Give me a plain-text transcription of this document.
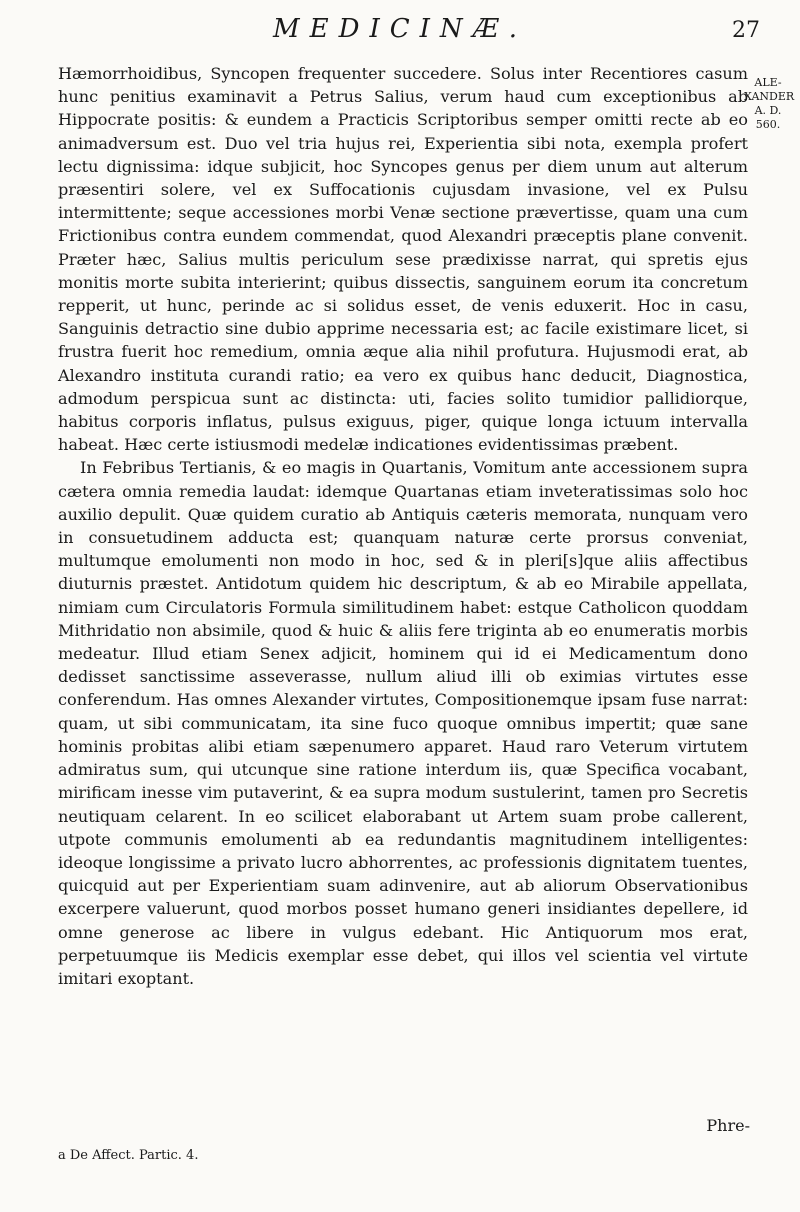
MEDICINÆ.	27
ALE-
XANDER
A. D.
560.

Hæmorrhoidibus, Syncopen frequenter succedere. Solus inter Recentiores casum hunc penitius examinavit a Petrus Salius, verum haud cum exceptionibus ab Hippocrate positis: & eundem a Practicis Scriptoribus semper omitti recte ab eo animadversum est. Duo vel tria hujus rei, Experientia sibi nota, exempla profert lectu dignissima: idque subjicit, hoc Syncopes genus per diem unum aut alterum præsentiri solere, vel ex Suffocationis cujusdam invasione, vel ex Pulsu intermittente; seque accessiones morbi Venæ sectione prævertisse, quam una cum Frictionibus contra eundem commendat, quod Alexandri præceptis plane convenit. Præter hæc, Salius multis periculum sese prædixisse narrat, qui spretis ejus monitis morte subita interierint; quibus dissectis, sanguinem eorum ita concretum repperit, ut hunc, perinde ac si solidus esset, de venis eduxerit. Hoc in casu, Sanguinis detractio sine dubio apprime necessaria est; ac facile existimare licet, si frustra fuerit hoc remedium, omnia æque alia nihil profutura. Hujusmodi erat, ab Alexandro instituta curandi ratio; ea vero ex quibus hanc deducit, Diagnostica, admodum perspicua sunt ac distincta: uti, facies solito tumidior pallidiorque, habitus corporis inflatus, pulsus exiguus, piger, quique longa ictuum intervalla habeat. Hæc certe istiusmodi medelæ indicationes evidentissimas præbent.

In Febribus Tertianis, & eo magis in Quartanis, Vomitum ante accessionem supra cætera omnia remedia laudat: idemque Quartanas etiam inveteratissimas solo hoc auxilio depulit. Quæ quidem curatio ab Antiquis cæteris memorata, nunquam vero in consuetudinem adducta est; quanquam naturæ certe prorsus conveniat, multumque emolumenti non modo in hoc, sed & in pleri[s]que aliis affectibus diuturnis præstet. Antidotum quidem hic descriptum, & ab eo Mirabile appellata, nimiam cum Circulatoris Formula similitudinem habet: estque Catholicon quoddam Mithridatio non absimile, quod & huic & aliis fere triginta ab eo enumeratis morbis medeatur. Illud etiam Senex adjicit, hominem qui id ei Medicamentum dono dedisset sanctissime asseverasse, nullum aliud illi ob eximias virtutes esse conferendum. Has omnes Alexander virtutes, Compositionemque ipsam fuse narrat: quam, ut sibi communicatam, ita sine fuco quoque omnibus impertit; quæ sane hominis probitas alibi etiam sæpenumero apparet. Haud raro Veterum virtutem admiratus sum, qui utcunque sine ratione interdum iis, quæ Specifica vocabant, mirificam inesse vim putaverint, & ea supra modum sustulerint, tamen pro Secretis neutiquam celarent. In eo scilicet elaborabant ut Artem suam probe callerent, utpote communis emolumenti ab ea redundantis magnitudinem intelligentes: ideoque longissime a privato lucro abhorrentes, ac professionis dignitatem tuentes, quicquid aut per Experientiam suam adinvenire, aut ab aliorum Observationibus excerpere valuerunt, quod morbos posset humano generi insidiantes depellere, id omne generose ac libere in vulgus edebant. Hic Antiquorum mos erat, perpetuumque iis Medicis exemplar esse debet, qui illos vel scientia vel virtute imitari exoptant.

Phre-
a De Affect. Partic. 4.
